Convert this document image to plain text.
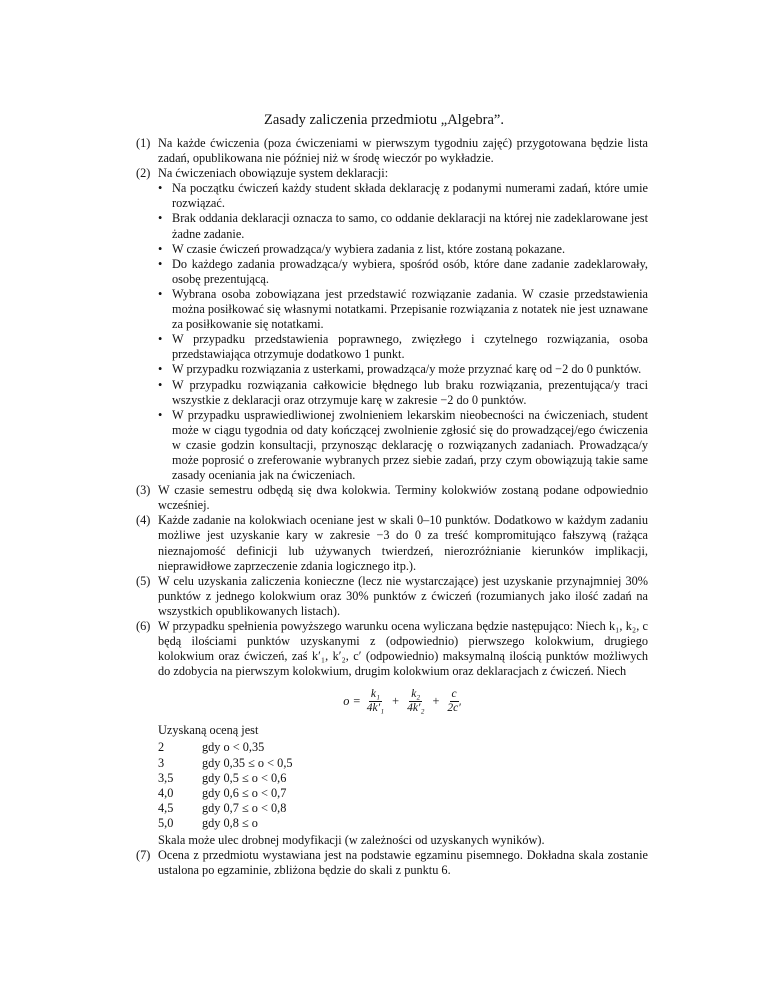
Zasady zaliczenia przedmiotu „Algebra”.
(1) Na każde ćwiczenia (poza ćwiczeniami w pierwszym tygodniu zajęć) przygotowana będzie lista zadań, opublikowana nie później niż w środę wieczór po wykładzie.
(2) Na ćwiczeniach obowiązuje system deklaracji:
• Na początku ćwiczeń każdy student składa deklarację z podanymi numerami zadań, które umie rozwiązać.
• Brak oddania deklaracji oznacza to samo, co oddanie deklaracji na której nie zadeklarowane jest żadne zadanie.
• W czasie ćwiczeń prowadząca/y wybiera zadania z list, które zostaną pokazane.
• Do każdego zadania prowadząca/y wybiera, spośród osób, które dane zadanie zadeklarowały, osobę prezentującą.
• Wybrana osoba zobowiązana jest przedstawić rozwiązanie zadania. W czasie przedstawienia można posiłkować się własnymi notatkami. Przepisanie rozwiązania z notatek nie jest uznawane za posiłkowanie się notatkami.
• W przypadku przedstawienia poprawnego, zwięzłego i czytelnego rozwiązania, osoba przedstawiająca otrzymuje dodatkowo 1 punkt.
• W przypadku rozwiązania z usterkami, prowadząca/y może przyznać karę od −2 do 0 punktów.
• W przypadku rozwiązania całkowicie błędnego lub braku rozwiązania, prezentująca/y traci wszystkie z deklaracji oraz otrzymuje karę w zakresie −2 do 0 punktów.
• W przypadku usprawiedliwionej zwolnieniem lekarskim nieobecności na ćwiczeniach, student może w ciągu tygodnia od daty kończącej zwolnienie zgłosić się do prowadzącej/ego ćwiczenia w czasie godzin konsultacji, przynosząc deklarację o rozwiązanych zadaniach. Prowadząca/y może poprosić o zreferowanie wybranych przez siebie zadań, przy czym obowiązują takie same zasady oceniania jak na ćwiczeniach.
(3) W czasie semestru odbędą się dwa kolokwia. Terminy kolokwiów zostaną podane odpowiednio wcześniej.
(4) Każde zadanie na kolokwiach oceniane jest w skali 0–10 punktów. Dodatkowo w każdym zadaniu możliwe jest uzyskanie kary w zakresie −3 do 0 za treść kompromitująco fałszywą (rażąca nieznajomość definicji lub używanych twierdzeń, nierozróżnianie kierunków implikacji, nieprawidłowe zaprzeczenie zdania logicznego itp.).
(5) W celu uzyskania zaliczenia konieczne (lecz nie wystarczające) jest uzyskanie przynajmniej 30% punktów z jednego kolokwium oraz 30% punktów z ćwiczeń (rozumianych jako ilość zadań na wszystkich opublikowanych listach).
(6) W przypadku spełnienia powyższego warunku ocena wyliczana będzie następująco: Niech k₁, k₂, c będą ilościami punktów uzyskanymi z (odpowiednio) pierwszego kolokwium, drugiego kolokwium oraz ćwiczeń, zaś k′₁, k′₂, c′ (odpowiednio) maksymalną ilością punktów możliwych do zdobycia na pierwszym kolokwium, drugim kolokwium oraz deklaracjach z ćwiczeń. Niech
$o = \frac{\text{k₁}}{\text{4k′₁}} + \frac{\text{k₂}}{\text{4k′₂}} + \frac{c}{2c'}$
Uzyskaną oceną jest
2	gdy o < 0,35
3	gdy 0,35 ≤ o < 0,5
3,5	gdy 0,5 ≤ o < 0,6
4,0	gdy 0,6 ≤ o < 0,7
4,5	gdy 0,7 ≤ o < 0,8
5,0	gdy 0,8 ≤ o
Skala może ulec drobnej modyfikacji (w zależności od uzyskanych wyników).
(7) Ocena z przedmiotu wystawiana jest na podstawie egzaminu pisemnego. Dokładna skala zostanie ustalona po egzaminie, zbliżona będzie do skali z punktu 6.
